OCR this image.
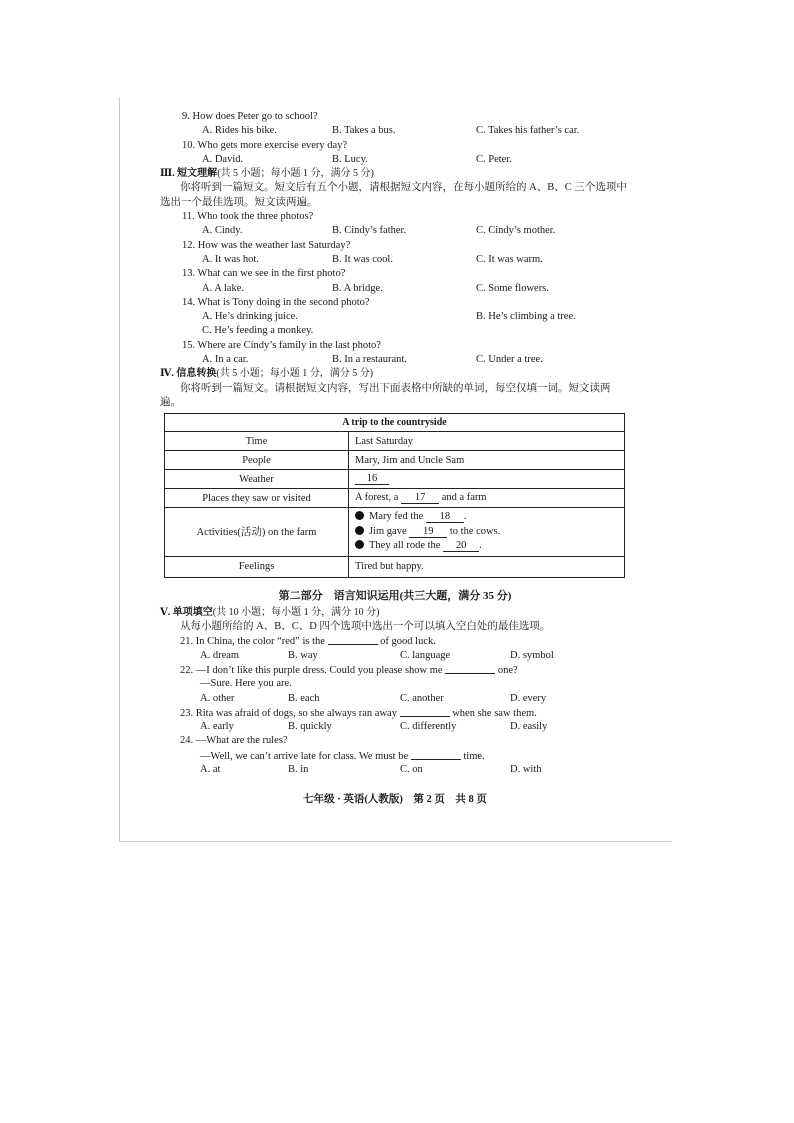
9. How does Peter go to school?
A. Rides his bike.	B. Takes a bus.	C. Takes his father’s car.
10. Who gets more exercise every day?
A. David.	B. Lucy.	C. Peter.
Ⅲ. 短文理解(共 5 小题；每小题 1 分，满分 5 分)
你将听到一篇短文。短文后有五个小题，请根据短文内容，在每小题所给的 A、B、C 三个选项中选出一个最佳选项。短文读两遍。
11. Who took the three photos?
A. Cindy.	B. Cindy’s father.	C. Cindy’s mother.
12. How was the weather last Saturday?
A. It was hot.	B. It was cool.	C. It was warm.
13. What can we see in the first photo?
A. A lake.	B. A bridge.	C. Some flowers.
14. What is Tony doing in the second photo?
A. He’s drinking juice.	B. He’s climbing a tree.
C. He’s feeding a monkey.
15. Where are Cindy’s family in the last photo?
A. In a car.	B. In a restaurant.	C. Under a tree.
Ⅳ. 信息转换(共 5 小题；每小题 1 分，满分 5 分)
你将听到一篇短文。请根据短文内容，写出下面表格中所缺的单词，每空仅填一词。短文读两遍。
A trip to the countryside	
Time	Last Saturday
People	Mary, Jim and Uncle Sam
Weather	16
Places they saw or visited	A forest, a 17 and a farm
Activities(活动) on the farm	Mary fed the 18 .
Jim gave 19 to the cows.
They all rode the 20 .

Feelings	Tired but happy.
第二部分　语言知识运用(共三大题，满分 35 分)
Ⅴ. 单项填空(共 10 小题；每小题 1 分，满分 10 分)
从每小题所给的 A、B、C、D 四个选项中选出一个可以填入空白处的最佳选项。
21. In China, the color “red” is the	of good luck.
A. dream	B. way	C. language	D. symbol
22. —I don’t like this purple dress. Could you please show me	one?
—Sure. Here you are.
A. other	B. each	C. another	D. every
23. Rita was afraid of dogs, so she always ran away	when she saw them.
A. early	B. quickly	C. differently	D. easily
24. —What are the rules?
—Well, we can’t arrive late for class. We must be	time.
A. at	B. in	C. on	D. with
七年级 · 英语(人教版)　第 2 页　共 8 页
